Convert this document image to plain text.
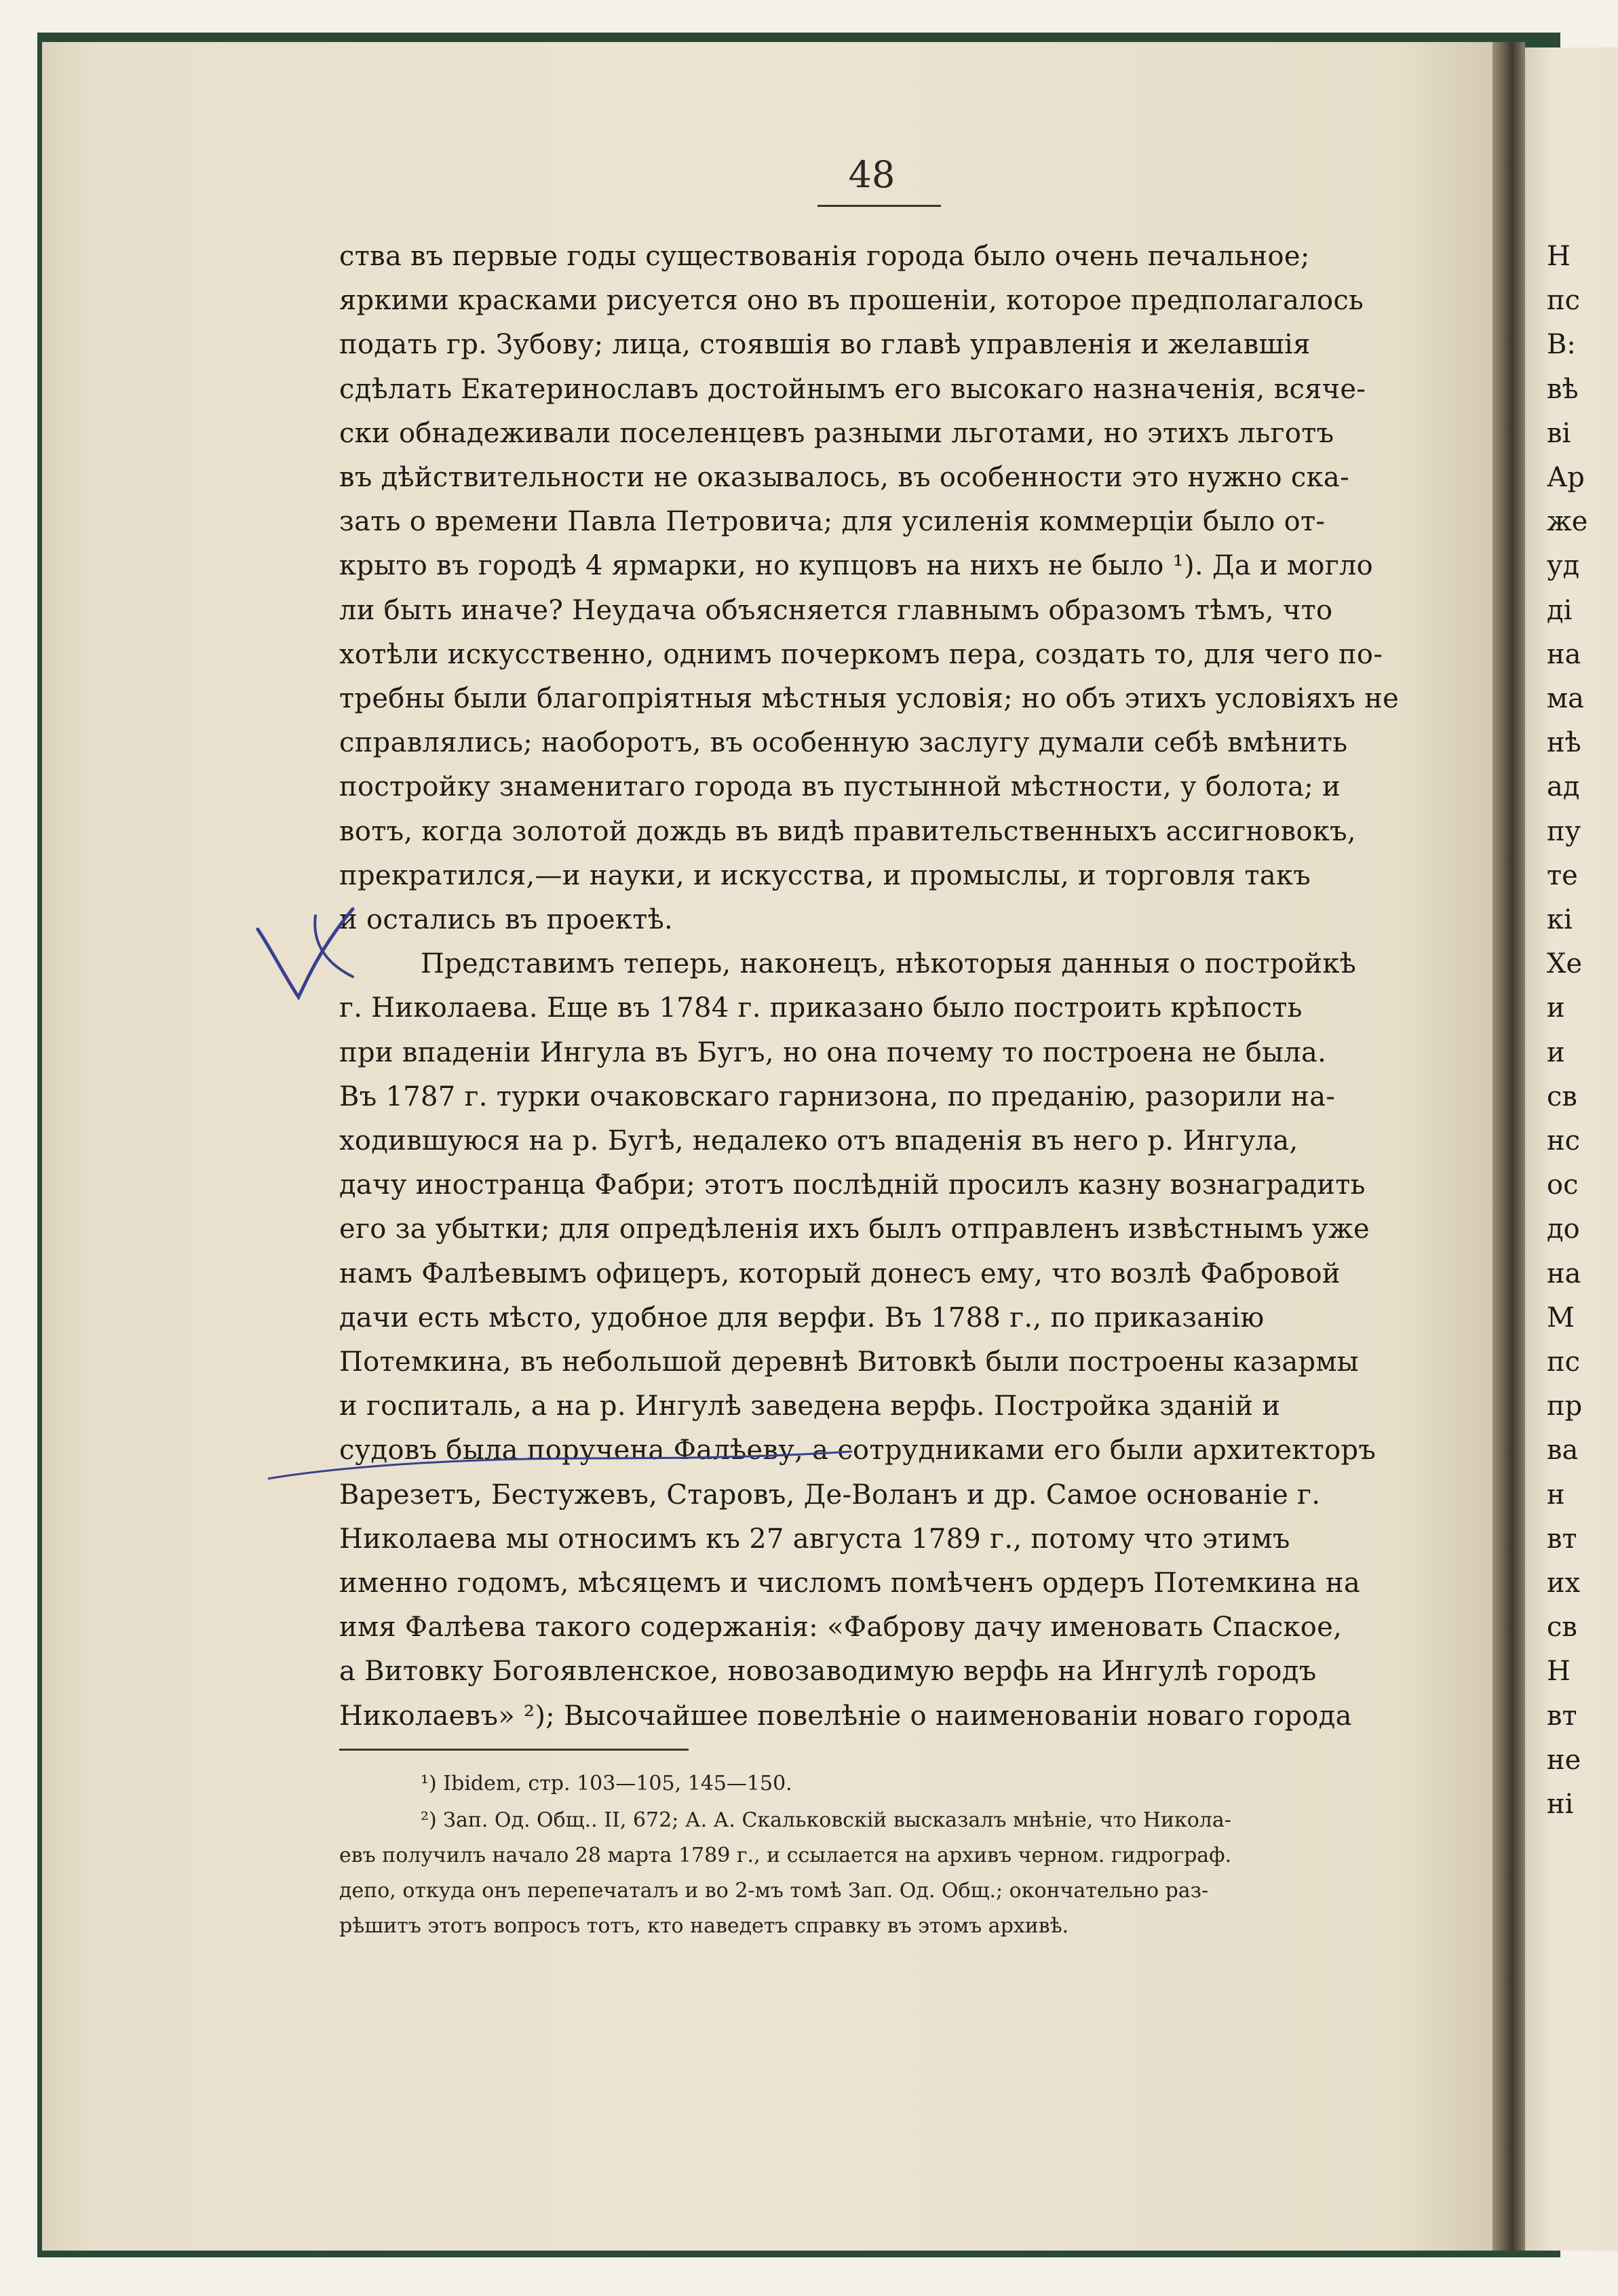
48
ства въ первые годы существованія города было очень печальное;
яркими красками рисуется оно въ прошеніи, которое предполагалось
подать гр. Зубову; лица, стоявшія во главѣ управленія и желавшія
сдѣлать Екатеринославъ достойнымъ его высокаго назначенія, всяче-
ски обнадеживали поселенцевъ разными льготами, но этихъ льготъ
въ дѣйствительности не оказывалось, въ особенности это нужно ска-
зать о времени Павла Петровича; для усиленія коммерціи было от-
крыто въ городѣ 4 ярмарки, но купцовъ на нихъ не было ¹). Да и могло
ли быть иначе? Неудача объясняется главнымъ образомъ тѣмъ, что
хотѣли искусственно, однимъ почеркомъ пера, создать то, для чего по-
требны были благопріятныя мѣстныя условія; но объ этихъ условіяхъ не
справлялись; наоборотъ, въ особенную заслугу думали себѣ вмѣнить
постройку знаменитаго города въ пустынной мѣстности, у болота; и
вотъ, когда золотой дождь въ видѣ правительственныхъ ассигновокъ,
прекратился,—и науки, и искусства, и промыслы, и торговля такъ
и остались въ проектѣ.
Представимъ теперь, наконецъ, нѣкоторыя данныя о постройкѣ
г. Николаева. Еще въ 1784 г. приказано было построить крѣпость
при впаденіи Ингула въ Бугъ, но она почему то построена не была.
Въ 1787 г. турки очаковскаго гарнизона, по преданію, разорили на-
ходившуюся на р. Бугѣ, недалеко отъ впаденія въ него р. Ингула,
дачу иностранца Фабри; этотъ послѣдній просилъ казну вознаградить
его за убытки; для опредѣленія ихъ былъ отправленъ извѣстнымъ уже
намъ Фалѣевымъ офицеръ, который донесъ ему, что возлѣ Фабровой
дачи есть мѣсто, удобное для верфи. Въ 1788 г., по приказанію
Потемкина, въ небольшой деревнѣ Витовкѣ были построены казармы
и госпиталь, а на р. Ингулѣ заведена верфь. Постройка зданій и
судовъ была поручена Фалѣеву, а сотрудниками его были архитекторъ
Варезетъ, Бестужевъ, Старовъ, Де-Воланъ и др. Самое основаніе г.
Николаева мы относимъ къ 27 августа 1789 г., потому что этимъ
именно годомъ, мѣсяцемъ и числомъ помѣченъ ордеръ Потемкина на
имя Фалѣева такого содержанія: «Фаброву дачу именовать Спаское,
а Витовку Богоявленское, новозаводимую верфь на Ингулѣ городъ
Николаевъ» ²); Высочайшее повелѣніе о наименованіи новаго города
¹) Ibidem, стр. 103—105, 145—150.
²) Зап. Од. Общ.. II, 672; А. А. Скальковскій высказалъ мнѣніе, что Никола-
евъ получилъ начало 28 марта 1789 г., и ссылается на архивъ черном. гидрограф.
депо, откуда онъ перепечаталъ и во 2-мъ томѣ Зап. Од. Общ.; окончательно раз-
рѣшитъ этотъ вопросъ тотъ, кто наведетъ справку въ этомъ архивѣ.
Н
пс
В:
вѣ
ві
Ар
же
уд
ді
на
ма
нѣ
ад
пу
те
кі
Хе
и
и
св
нс
ос
до
на
М
пс
пр
ва
н
вт
их
св
Н
вт
не
ні
